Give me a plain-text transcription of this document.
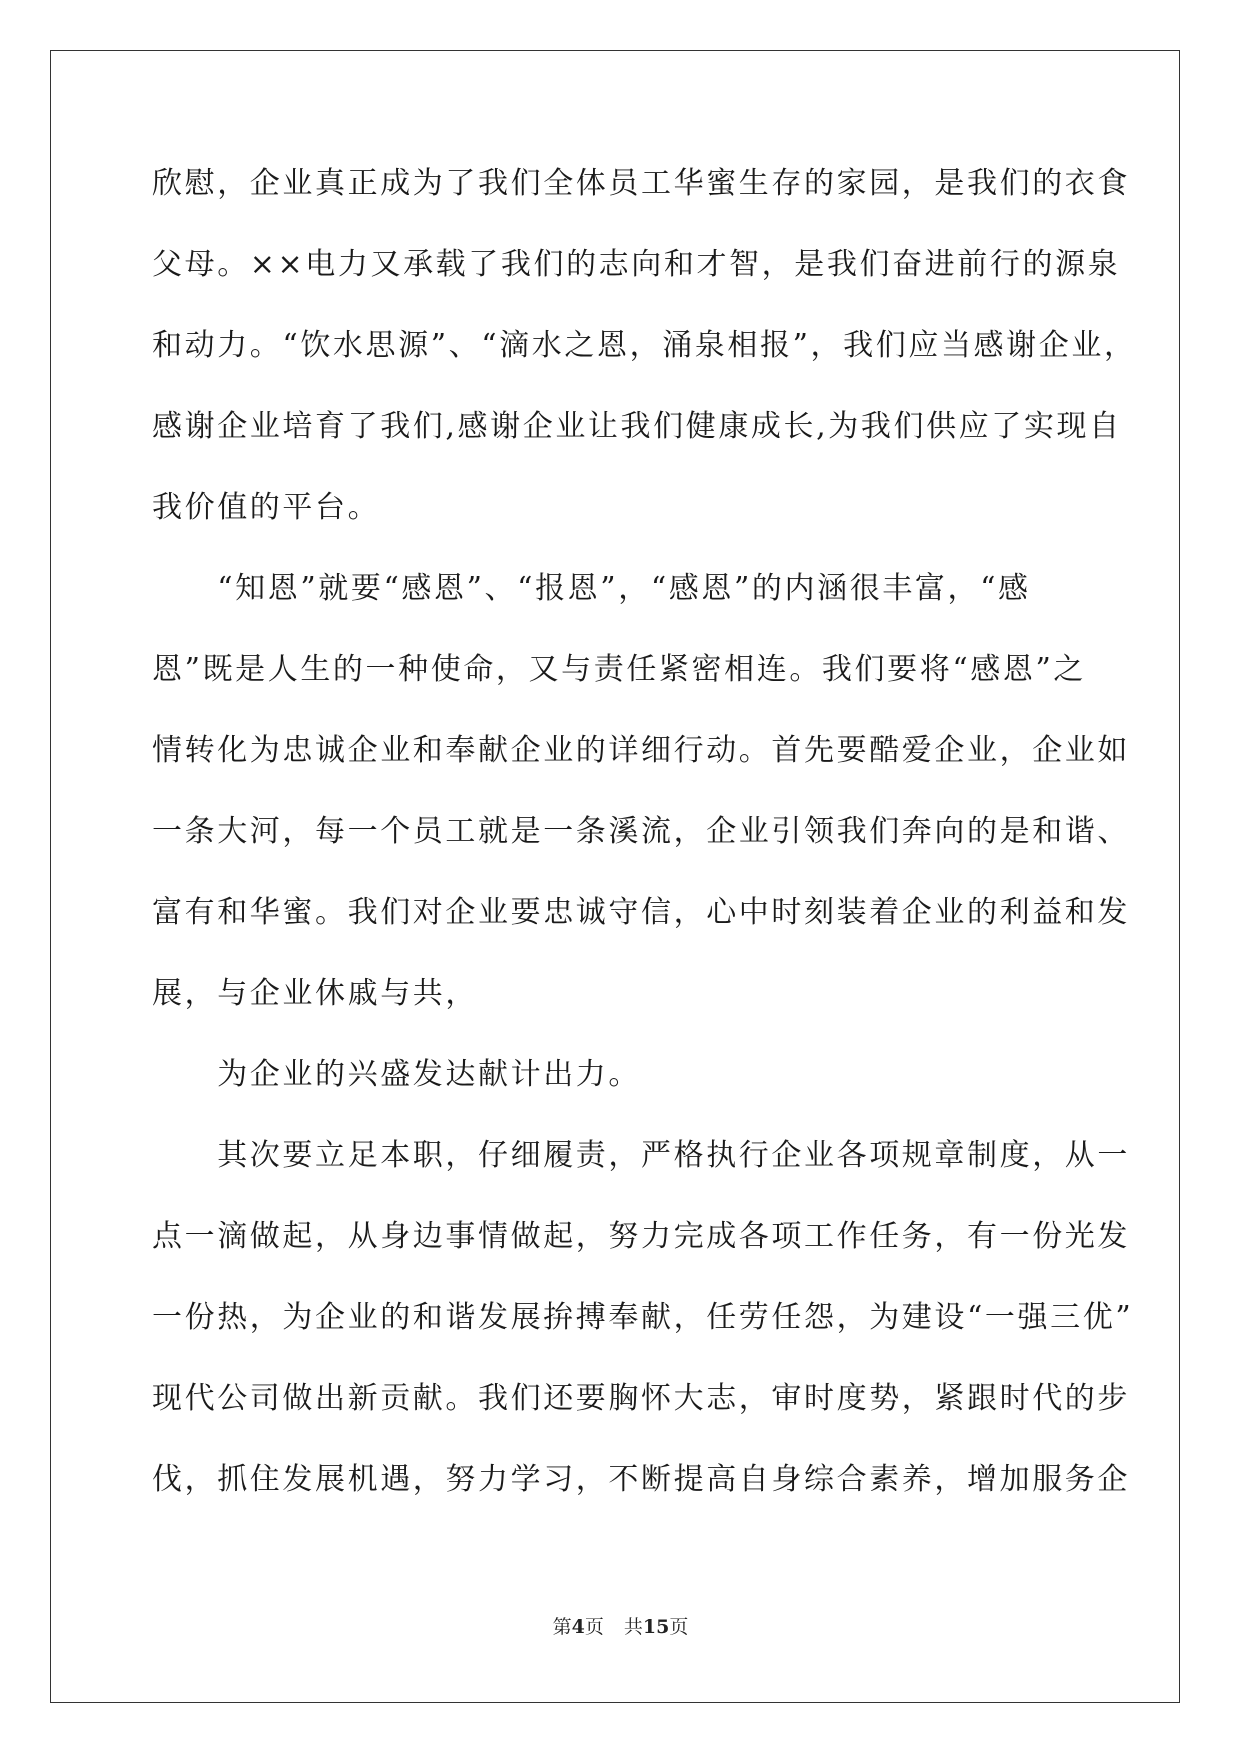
欣慰，企业真正成为了我们全体员工华蜜生存的家园，是我们的衣食
父母。××电力又承载了我们的志向和才智，是我们奋进前行的源泉
和动力。“饮水思源”、“滴水之恩，涌泉相报”，我们应当感谢企业，
感谢企业培育了我们,感谢企业让我们健康成长,为我们供应了实现自
我价值的平台。
　　“知恩”就要“感恩”、“报恩”，“感恩”的内涵很丰富，“感
恩”既是人生的一种使命，又与责任紧密相连。我们要将“感恩”之
情转化为忠诚企业和奉献企业的详细行动。首先要酷爱企业，企业如
一条大河，每一个员工就是一条溪流，企业引领我们奔向的是和谐、
富有和华蜜。我们对企业要忠诚守信，心中时刻装着企业的利益和发
展，与企业休戚与共，
　　为企业的兴盛发达献计出力。
　　其次要立足本职，仔细履责，严格执行企业各项规章制度，从一
点一滴做起，从身边事情做起，努力完成各项工作任务，有一份光发
一份热，为企业的和谐发展拚搏奉献，任劳任怨，为建设“一强三优”
现代公司做出新贡献。我们还要胸怀大志，审时度势，紧跟时代的步
伐，抓住发展机遇，努力学习，不断提高自身综合素养，增加服务企
第4页 共15页
